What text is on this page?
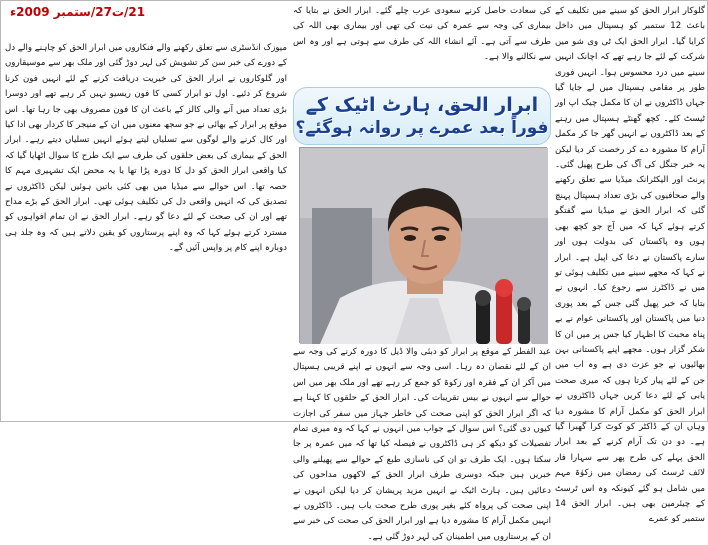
گلوکار ابرار الحق کو سینے میں تکلیف کے باعث 12 ستمبر کو ہسپتال میں داخل کرایا گیا۔ ابرار الحق ایک ٹی وی شو میں شرکت کے لئے جا رہے تھے کہ اچانک انہیں سینے میں درد محسوس ہوا۔ انہیں فوری طور پر مقامی ہسپتال میں لے جایا گیا جہاں ڈاکٹروں نے ان کا مکمل چیک اپ اور ٹیسٹ کئے۔ کچھ گھنٹے ہسپتال میں رہنے کے بعد ڈاکٹروں نے انہیں گھر جا کر مکمل آرام کا مشورہ دے کر رخصت کر دیا لیکن یہ خبر جنگل کی آگ کی طرح پھیل گئی۔ پرنٹ اور الیکٹرانک میڈیا سے تعلق رکھنے والے صحافیوں کی بڑی تعداد ہسپتال پہنچ گئی کہ ابرار الحق نے میڈیا سے گفتگو کرتے ہوئے کہا کہ میں آج جو کچھ بھی ہوں وہ پاکستان کی بدولت ہوں اور سارے پاکستان نے دعا کی اپیل ہے۔ ابرار نے کہا کہ مجھے سینے میں تکلیف ہوئی تو میں نے ڈاکٹرز سے رجوع کیا۔ انہوں نے بتایا کہ خبر پھیل گئی جس کے بعد پوری دنیا میں پاکستان اور پاکستانی عوام نے بے پناہ محبت کا اظہار کیا جس پر میں ان کا شکر گزار ہوں۔ مجھے اپنے پاکستانی بہن بھائیوں نے جو عزت دی ہے وہ اب میں جن کے لئے پیار کرتا ہوں کہ میری صحت یابی کے لئے دعا کریں جہاں ڈاکٹروں نے ابرار الحق کو مکمل آرام کا مشورہ دیا وہاں ان کے ڈاکٹر کو کوٹ کرا گھبرا گیا ہے۔ دو دن تک آرام کرنے کے بعد ابرار الحق پہلے کی طرح پھر سے سہارا فار لائف ٹرسٹ کی رمضان میں زکوٰۃ مہم میں شامل ہو گئے کیونکہ وہ اس ٹرسٹ کے چیئرمین بھی ہیں۔ ابرار الحق 14 ستمبر کو عمرے

کی سعادت حاصل کرنے سعودی عرب چلے گئے۔ ابرار الحق نے بتایا کہ بیماری کی وجہ سے عمرہ کی نیت کی تھی اور بیماری بھی اللہ کی طرف سے آتی ہے۔ آئے انشاء اللہ کی طرف سے ہوتی ہے اور وہ اس سے نکالنے والا ہے۔

ابرار الحق، ہارٹ اٹیک کے
فوراً بعد عمرے پر روانہ ہوگئے؟

عید الفطر کے موقع پر ابرار کو دبئی والا ڈیل کا دورہ کرنے کی وجہ سے ان کے لئے نقصان دہ رہا۔ اسی وجہ سے انہوں نے اپنے قریبی ہسپتال میں آکر ان کے فقرہ اور زکوۃ کو جمع کر رہے تھے اور ملک بھر میں اس حوالے سے انہوں نے بیس تقریبات کی۔ ابرار الحق کے حلقوں کا کہنا ہے کہ اگر ابرار الحق کو اپنی صحت کی خاطر جہاز میں سفر کی اجازت کیوں دی گئی؟ اس سوال کے جواب میں انہوں نے کہا کہ وہ میری تمام تفصیلات کو دیکھ کر ہی ڈاکٹروں نے فیصلہ کیا تھا کہ میں عمرہ پر جا سکتا ہوں۔ ایک طرف تو ان کی ناسازی طبع کے حوالے سے پھیلنے والی خبریں ہیں جبکہ دوسری طرف ابرار الحق کے لاکھوں مداحوں کی دعائیں ہیں۔ ہارٹ اٹیک نے انہیں مزید پریشان کر دیا لیکن انہوں نے اپنی صحت کی پرواہ کئے بغیر پوری طرح صحت یاب ہیں۔ ڈاکٹروں نے انہیں مکمل آرام کا مشورہ دیا ہے اور ابرار الحق کی صحت کی خبر سے ان کے پرستاروں میں اطمینان کی لہر دوڑ گئی ہے۔

میوزک انڈسٹری سے تعلق رکھنے والے فنکاروں میں ابرار الحق کو چاہنے والے دل کے دورے کی خبر سن کر تشویش کی لہر دوڑ گئی اور ملک بھر سے موسیقاروں اور گلوکاروں نے ابرار الحق کی خیریت دریافت کرنے کے لئے انہیں فون کرنا شروع کر دئیے۔ اول تو ابرار کسی کا فون ریسیو نہیں کر رہے تھے اور دوسرا بڑی تعداد میں آنے والی کالز کے باعث ان کا فون مصروف بھی جا رہا تھا۔ اس موقع پر ابرار کے بھائی نے جو سجھ معنوں میں ان کے منیجر کا کردار بھی ادا کیا اور کال کرنے والے لوگوں سے تسلیاں لیتے ہوئے انہیں تسلیاں دیتے رہے۔ ابرار الحق کے بیماری کی بعض حلقوں کی طرف سے ایک طرح کا سوال اٹھایا گیا کہ کیا واقعی ابرار الحق کو دل کا دورہ پڑا تھا یا یہ محض ایک تشہیری مہم کا حصہ تھا۔ اس حوالے سے میڈیا میں بھی کئی باتیں ہوئیں لیکن ڈاکٹروں نے تصدیق کی کہ انہیں واقعی دل کی تکلیف ہوئی تھی۔ ابرار الحق کے بڑے مداح تھے اور ان کی صحت کے لئے دعا گو رہے۔ ابرار الحق نے ان تمام افواہوں کو مسترد کرتے ہوئے کہا کہ وہ اپنے پرستاروں کو یقین دلاتے ہیں کہ وہ جلد ہی دوبارہ اپنے کام پر واپس آئیں گے۔

21/ت27/ستمبر 2009ء
